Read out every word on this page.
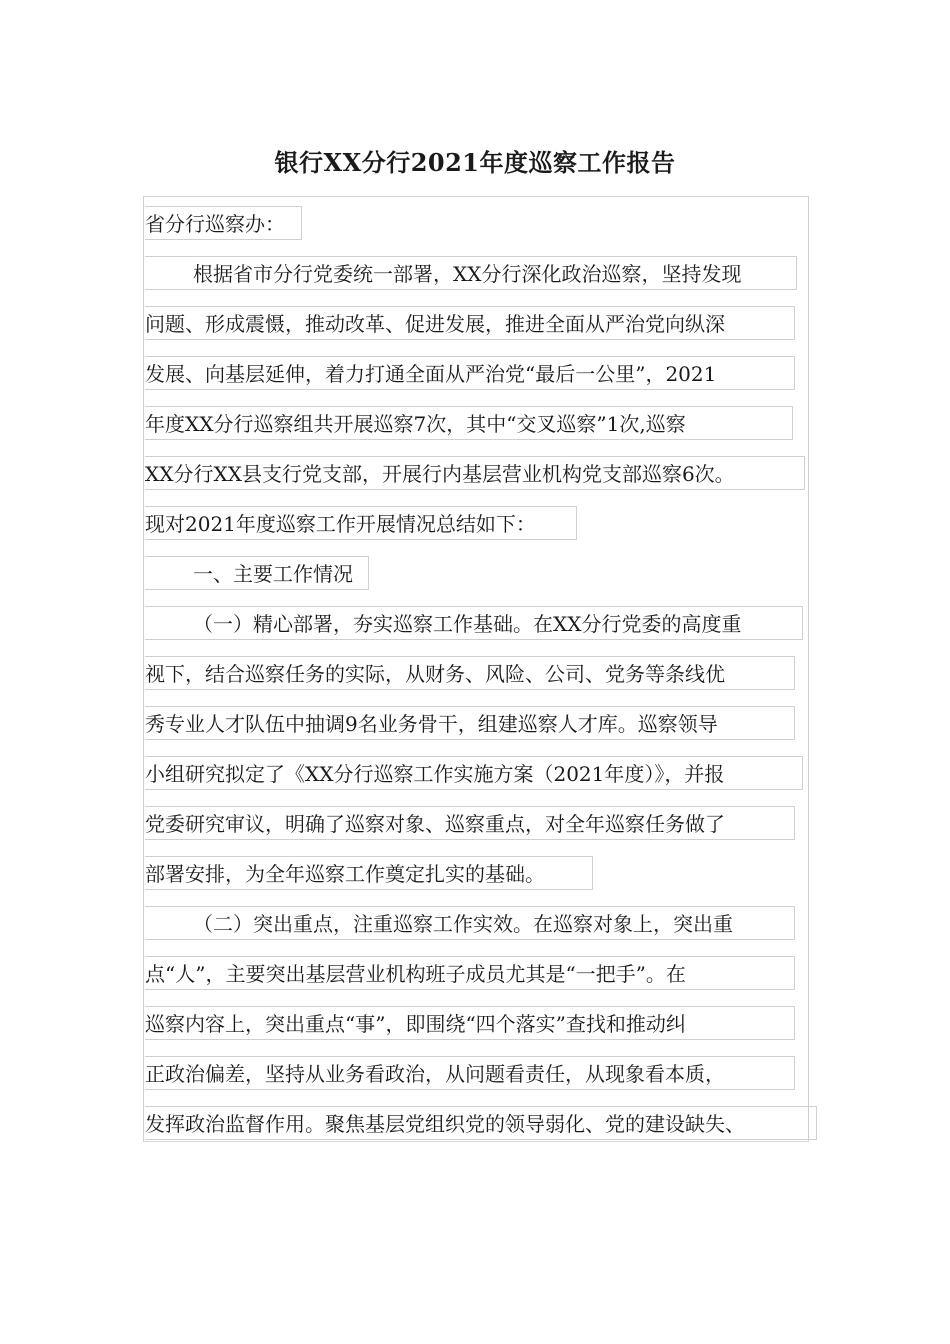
银行XX分行2021年度巡察工作报告
省分行巡察办：
根据省市分行党委统一部署，XX分行深化政治巡察，坚持发现
问题、形成震慑，推动改革、促进发展，推进全面从严治党向纵深
发展、向基层延伸，着力打通全面从严治党“最后一公里”，2021
年度XX分行巡察组共开展巡察7次，其中“交叉巡察”1次,巡察
XX分行XX县支行党支部，开展行内基层营业机构党支部巡察6次。
现对2021年度巡察工作开展情况总结如下：
一、主要工作情况
（一）精心部署，夯实巡察工作基础。在XX分行党委的高度重
视下，结合巡察任务的实际，从财务、风险、公司、党务等条线优
秀专业人才队伍中抽调9名业务骨干，组建巡察人才库。巡察领导
小组研究拟定了《XX分行巡察工作实施方案（2021年度）》，并报
党委研究审议，明确了巡察对象、巡察重点，对全年巡察任务做了
部署安排，为全年巡察工作奠定扎实的基础。
（二）突出重点，注重巡察工作实效。在巡察对象上，突出重
点“人”，主要突出基层营业机构班子成员尤其是“一把手”。在
巡察内容上，突出重点“事”，即围绕“四个落实”查找和推动纠
正政治偏差，坚持从业务看政治，从问题看责任，从现象看本质，
发挥政治监督作用。聚焦基层党组织党的领导弱化、党的建设缺失、
